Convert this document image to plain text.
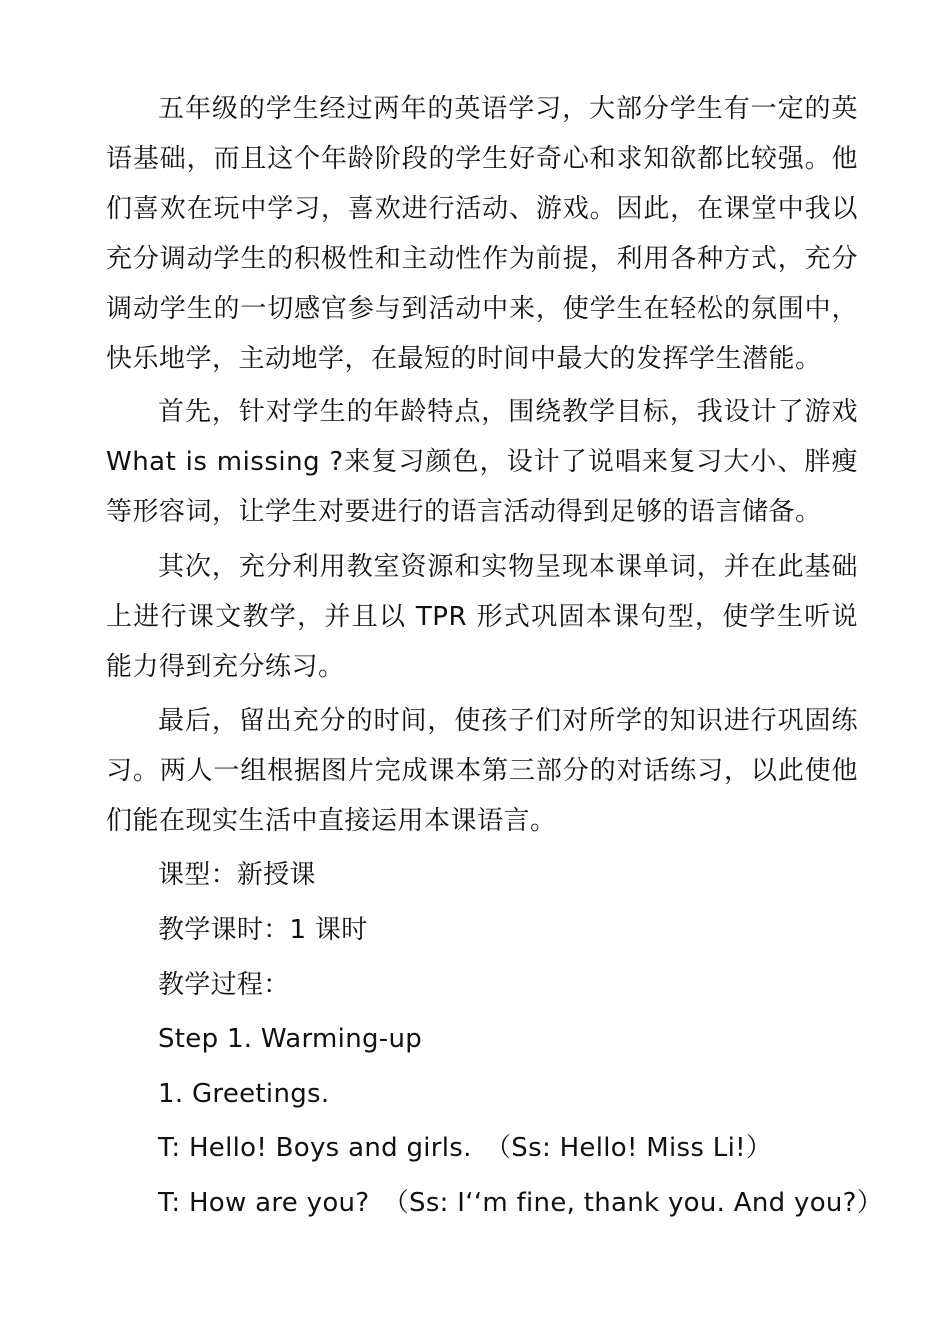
五年级的学生经过两年的英语学习，大部分学生有一定的英语基础，而且这个年龄阶段的学生好奇心和求知欲都比较强。他们喜欢在玩中学习，喜欢进行活动、游戏。因此，在课堂中我以充分调动学生的积极性和主动性作为前提，利用各种方式，充分调动学生的一切感官参与到活动中来，使学生在轻松的氛围中，快乐地学，主动地学，在最短的时间中最大的发挥学生潜能。

首先，针对学生的年龄特点，围绕教学目标，我设计了游戏What is missing ?来复习颜色，设计了说唱来复习大小、胖瘦等形容词，让学生对要进行的语言活动得到足够的语言储备。

其次，充分利用教室资源和实物呈现本课单词，并在此基础上进行课文教学，并且以 TPR 形式巩固本课句型，使学生听说能力得到充分练习。

最后，留出充分的时间，使孩子们对所学的知识进行巩固练习。两人一组根据图片完成课本第三部分的对话练习，以此使他们能在现实生活中直接运用本课语言。

课型：新授课

教学课时：1 课时

教学过程：

Step 1. Warming-up

1. Greetings.

T: Hello! Boys and girls.　（Ss: Hello! Miss Li!）

T: How are you?　（Ss: I‘‘m fine, thank you. And you?）
